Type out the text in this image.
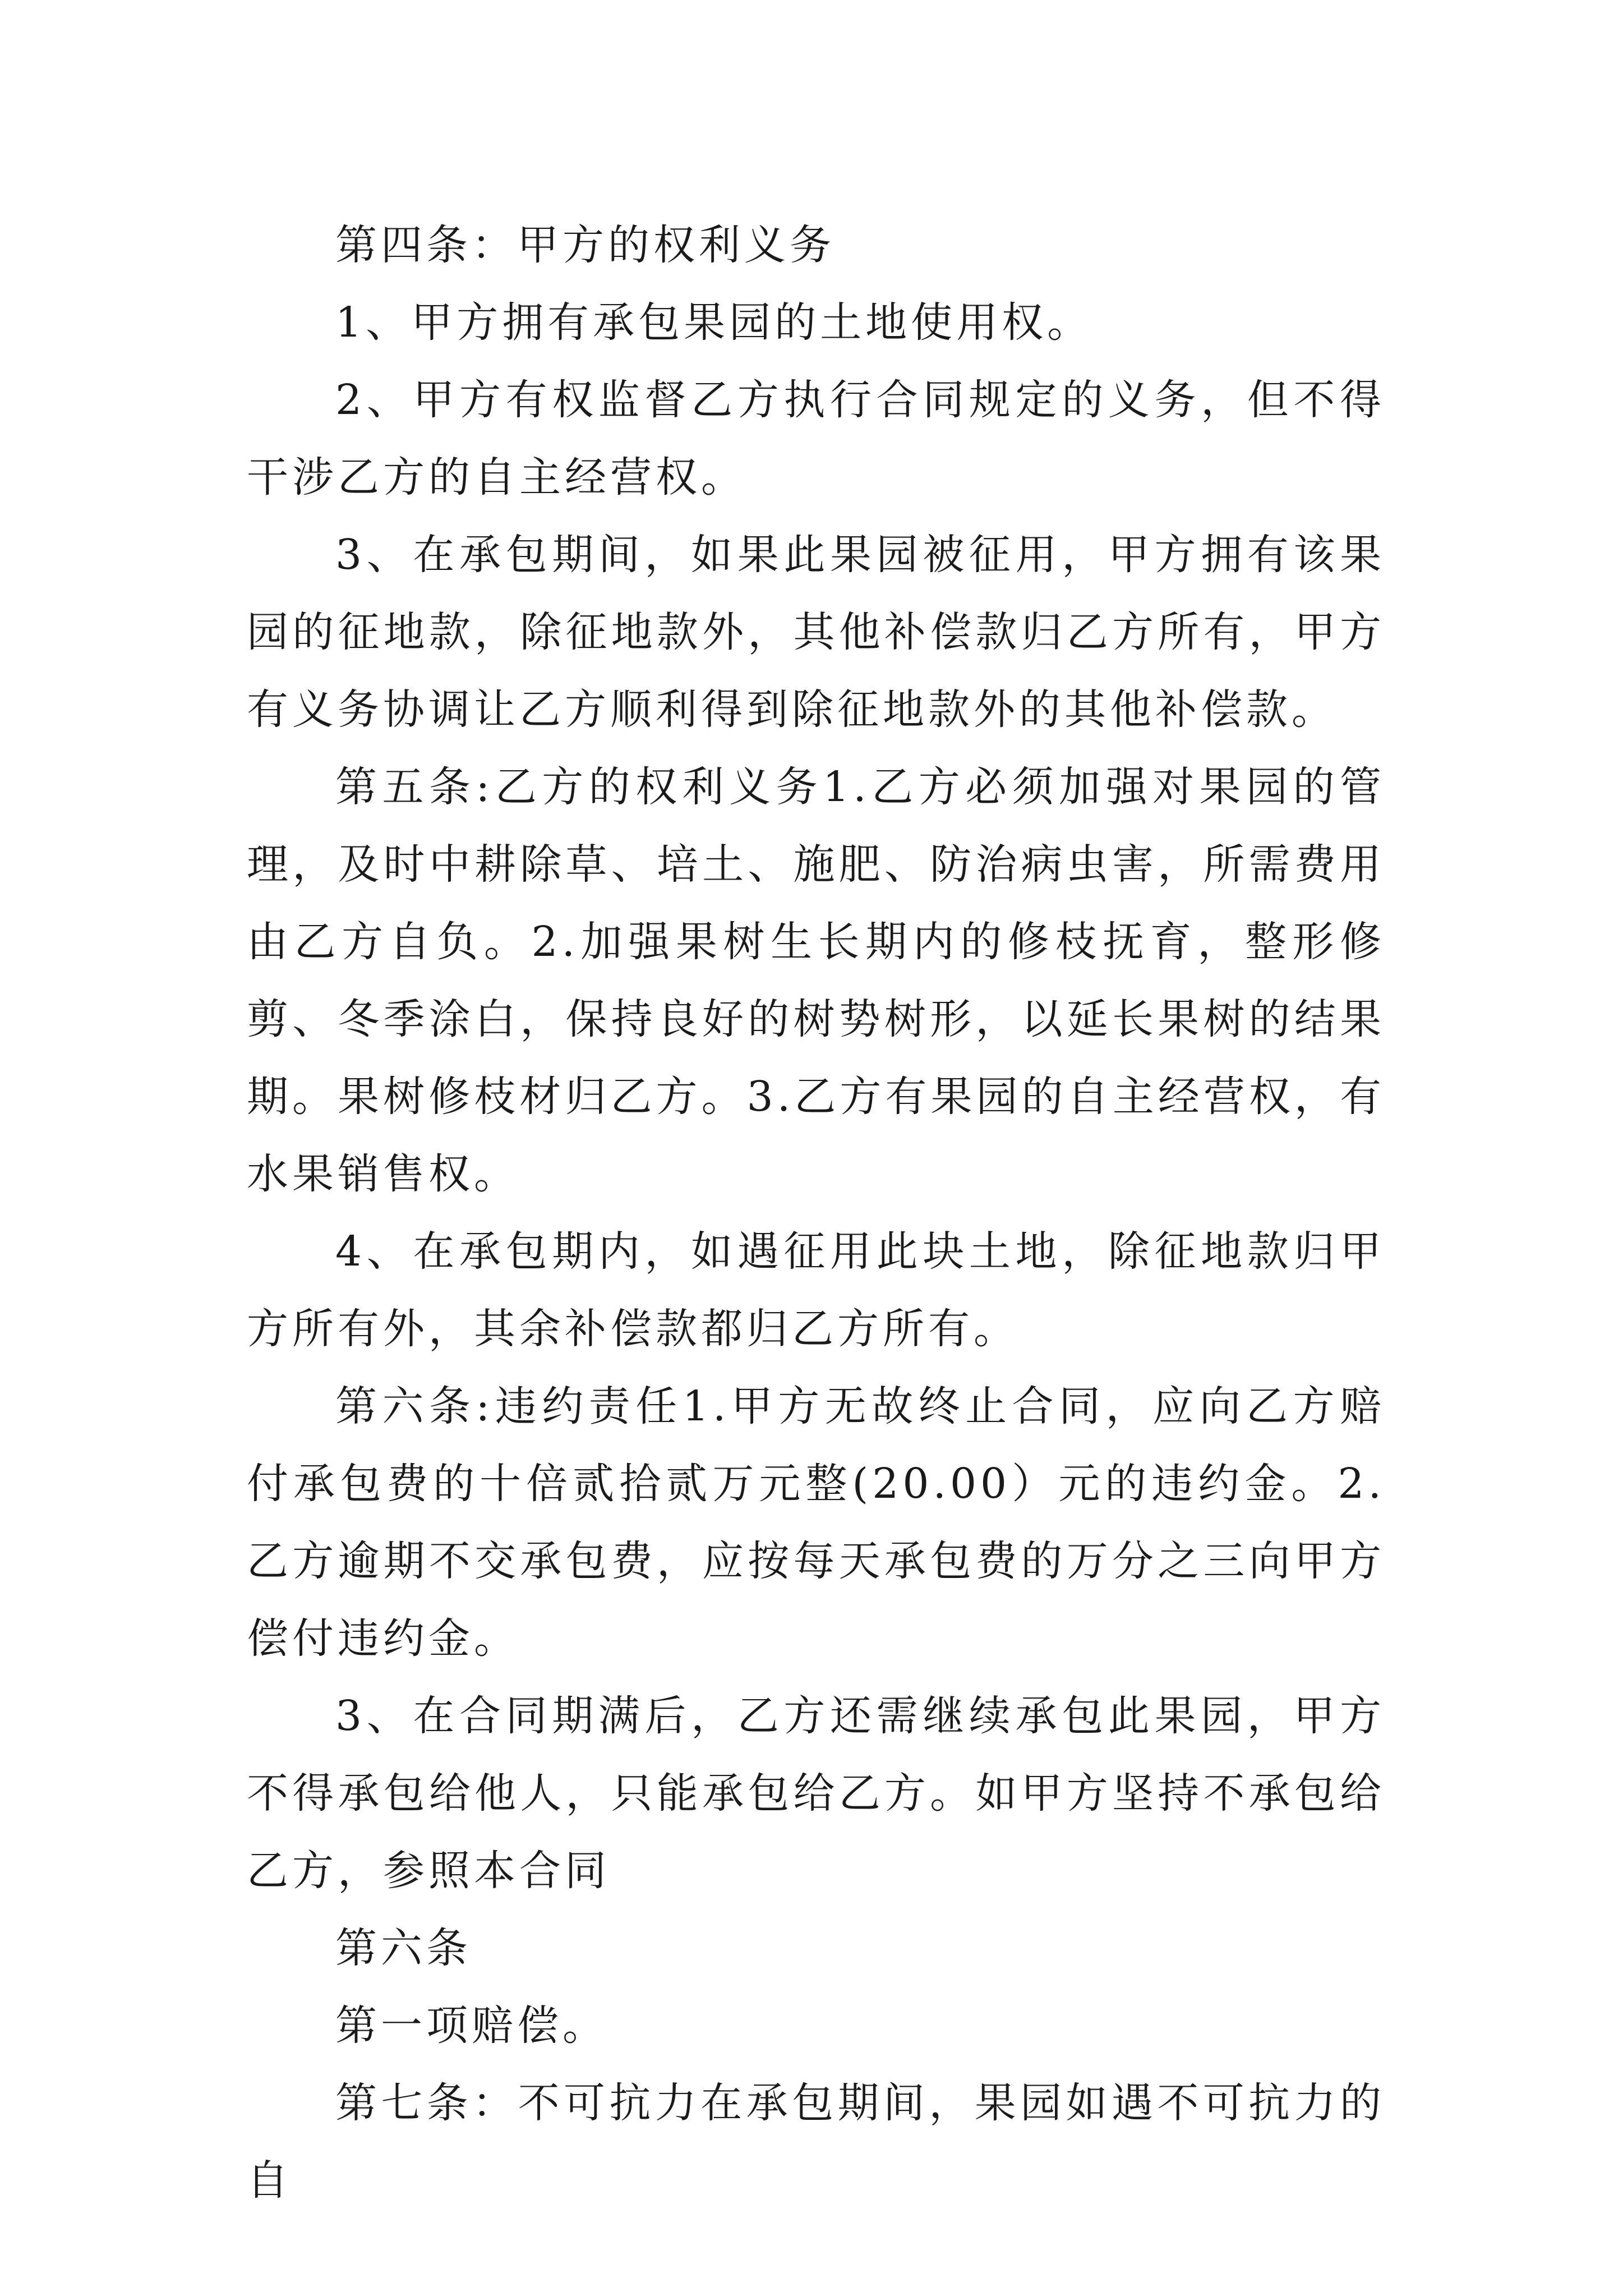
第四条：甲方的权利义务

1、甲方拥有承包果园的土地使用权。

2、甲方有权监督乙方执行合同规定的义务，但不得干涉乙方的自主经营权。

3、在承包期间，如果此果园被征用，甲方拥有该果园的征地款，除征地款外，其他补偿款归乙方所有，甲方有义务协调让乙方顺利得到除征地款外的其他补偿款。

第五条:乙方的权利义务1.乙方必须加强对果园的管理，及时中耕除草、培土、施肥、防治病虫害，所需费用由乙方自负。2.加强果树生长期内的修枝抚育，整形修剪、冬季涂白，保持良好的树势树形，以延长果树的结果期。果树修枝材归乙方。3.乙方有果园的自主经营权，有水果销售权。

4、在承包期内，如遇征用此块土地，除征地款归甲方所有外，其余补偿款都归乙方所有。

第六条:违约责任1.甲方无故终止合同，应向乙方赔付承包费的十倍贰拾贰万元整(20.00）元的违约金。2.乙方逾期不交承包费，应按每天承包费的万分之三向甲方偿付违约金。

3、在合同期满后，乙方还需继续承包此果园，甲方不得承包给他人，只能承包给乙方。如甲方坚持不承包给乙方，参照本合同

第六条

第一项赔偿。

第七条：不可抗力在承包期间，果园如遇不可抗力的自
